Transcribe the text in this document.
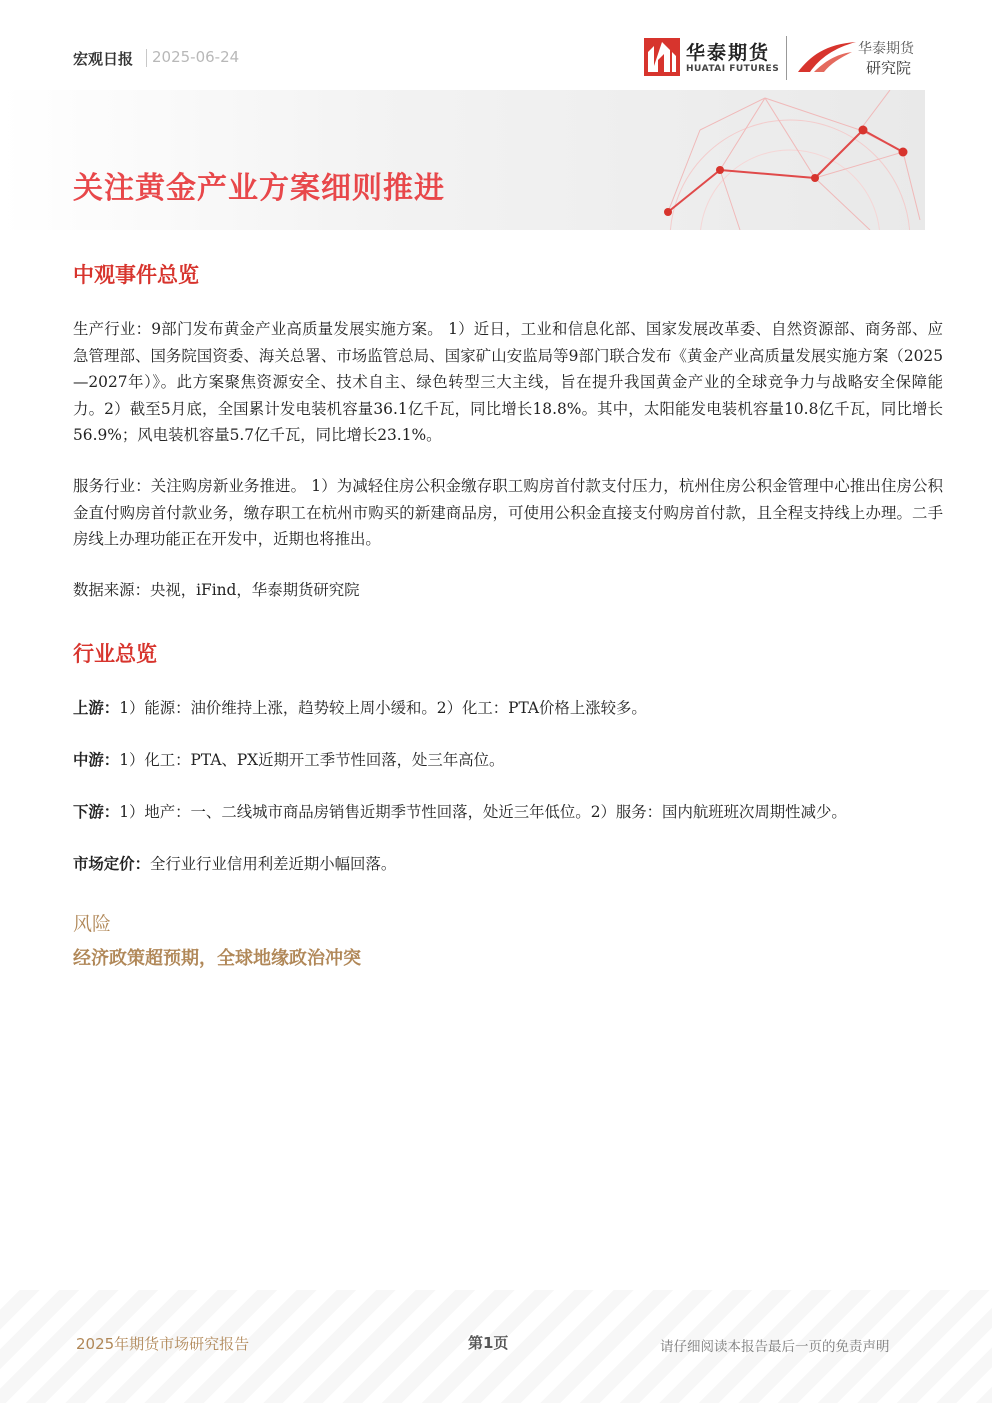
宏观日报 2025-06-24	华泰期货
HUATAI FUTURES
华泰期货
研究院
关注黄金产业方案细则推进
中观事件总览
生产行业：9部门发布黄金产业高质量发展实施方案。 1）近日，工业和信息化部、国家发展改革委、自然资源部、商务部、应急管理部、国务院国资委、海关总署、市场监管总局、国家矿山安监局等9部门联合发布《黄金产业高质量发展实施方案（2025—2027年）》。此方案聚焦资源安全、技术自主、绿色转型三大主线，旨在提升我国黄金产业的全球竞争力与战略安全保障能力。2）截至5月底，全国累计发电装机容量36.1亿千瓦，同比增长18.8%。其中，太阳能发电装机容量10.8亿千瓦，同比增长56.9%；风电装机容量5.7亿千瓦，同比增长23.1%。
服务行业：关注购房新业务推进。 1）为减轻住房公积金缴存职工购房首付款支付压力，杭州住房公积金管理中心推出住房公积金直付购房首付款业务，缴存职工在杭州市购买的新建商品房，可使用公积金直接支付购房首付款，且全程支持线上办理。二手房线上办理功能正在开发中，近期也将推出。
数据来源：央视，iFind，华泰期货研究院
行业总览
上游：1）能源：油价维持上涨，趋势较上周小缓和。2）化工：PTA价格上涨较多。
中游：1）化工：PTA、PX近期开工季节性回落，处三年高位。
下游：1）地产：一、二线城市商品房销售近期季节性回落，处近三年低位。2）服务：国内航班班次周期性减少。
市场定价：全行业行业信用利差近期小幅回落。
风险
经济政策超预期，全球地缘政治冲突
2025年期货市场研究报告	第1页	请仔细阅读本报告最后一页的免责声明
